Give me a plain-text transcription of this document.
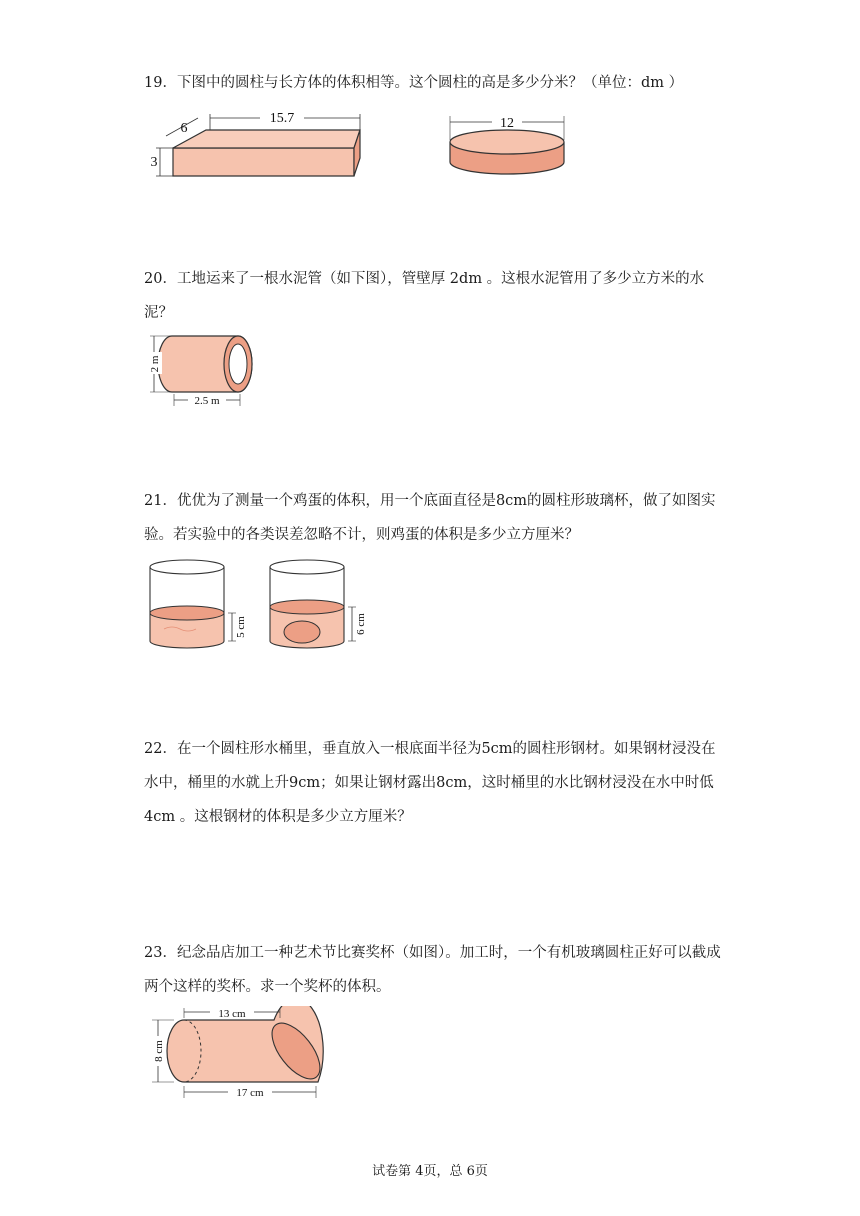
19．下图中的圆柱与长方体的体积相等。这个圆柱的高是多少分米？（单位：dm ）
15.7
6
3
12
20．工地运来了一根水泥管（如下图），管壁厚 2dm 。这根水泥管用了多少立方米的水泥？
2 m
2.5 m
21．优优为了测量一个鸡蛋的体积，用一个底面直径是8cm的圆柱形玻璃杯，做了如图实验。若实验中的各类误差忽略不计，则鸡蛋的体积是多少立方厘米？
5 cm	6 cm
22．在一个圆柱形水桶里，垂直放入一根底面半径为5cm的圆柱形钢材。如果钢材浸没在水中，桶里的水就上升9cm；如果让钢材露出8cm，这时桶里的水比钢材浸没在水中时低4cm 。这根钢材的体积是多少立方厘米？
23．纪念品店加工一种艺术节比赛奖杯（如图）。加工时，一个有机玻璃圆柱正好可以截成两个这样的奖杯。求一个奖杯的体积。
13 cm
8 cm
17 cm
试卷第 4页，总 6页
